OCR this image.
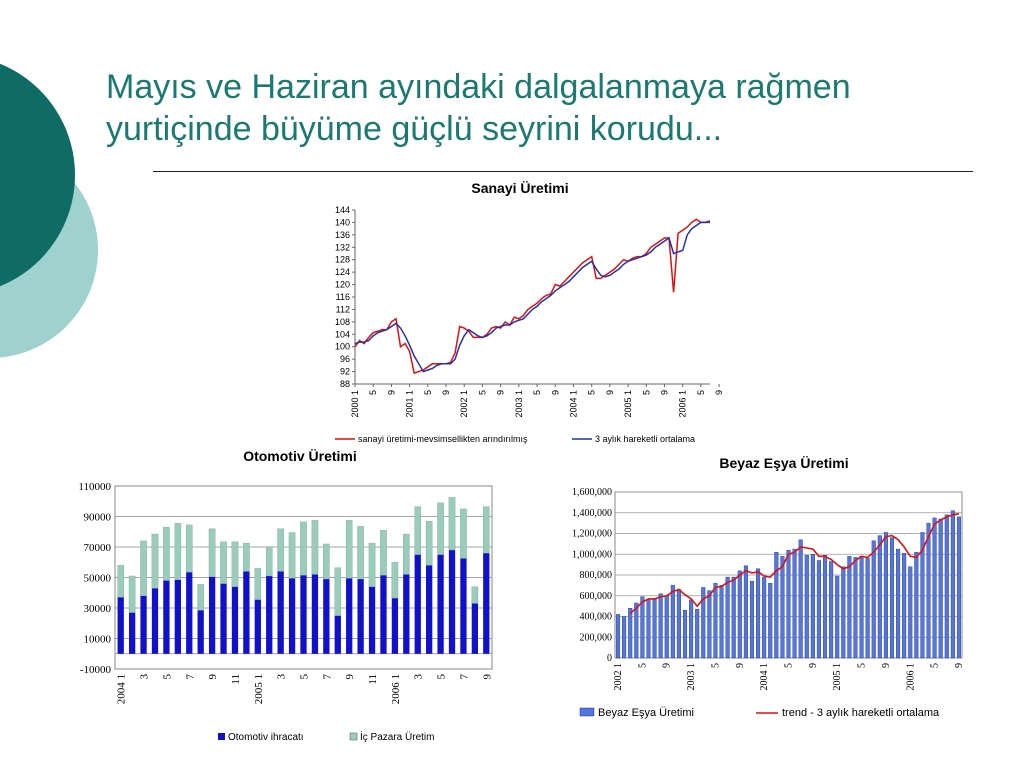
Mayıs ve Haziran ayındaki dalgalanmaya rağmen
yurtiçinde büyüme güçlü seyrini korudu...
Sanayi Üretimi
88
92
96
100
104
108
112
116
120
124
128
132
136
140
144
2000 1 5 9 2001 1 5 9 2002 1 5 9 2003 1 5 9 2004 1 5 9 2005 1 5 9 2006 1 5 9
sanayi üretimi-mevsimsellikten arındırılmış	3 aylık hareketli ortalama
Otomotiv Üretimi
-10000
10000
30000
50000
70000
90000
110000
2004 1 3 5 7 9 11 2005 1 3 5 7 9 11 2006 1 3 5 7 9
Otomotiv ihracatı	İç Pazara Üretim
Beyaz Eşya Üretimi
0
200,000
400,000
600,000
800,000
1,000,000
1,200,000
1,400,000
1,600,000
2002 1 5 9 2003 1 5 9 2004 1 5 9 2005 1 5 9 2006 1 5 9
Beyaz Eşya Üretimi	trend - 3 aylık hareketli ortalama
